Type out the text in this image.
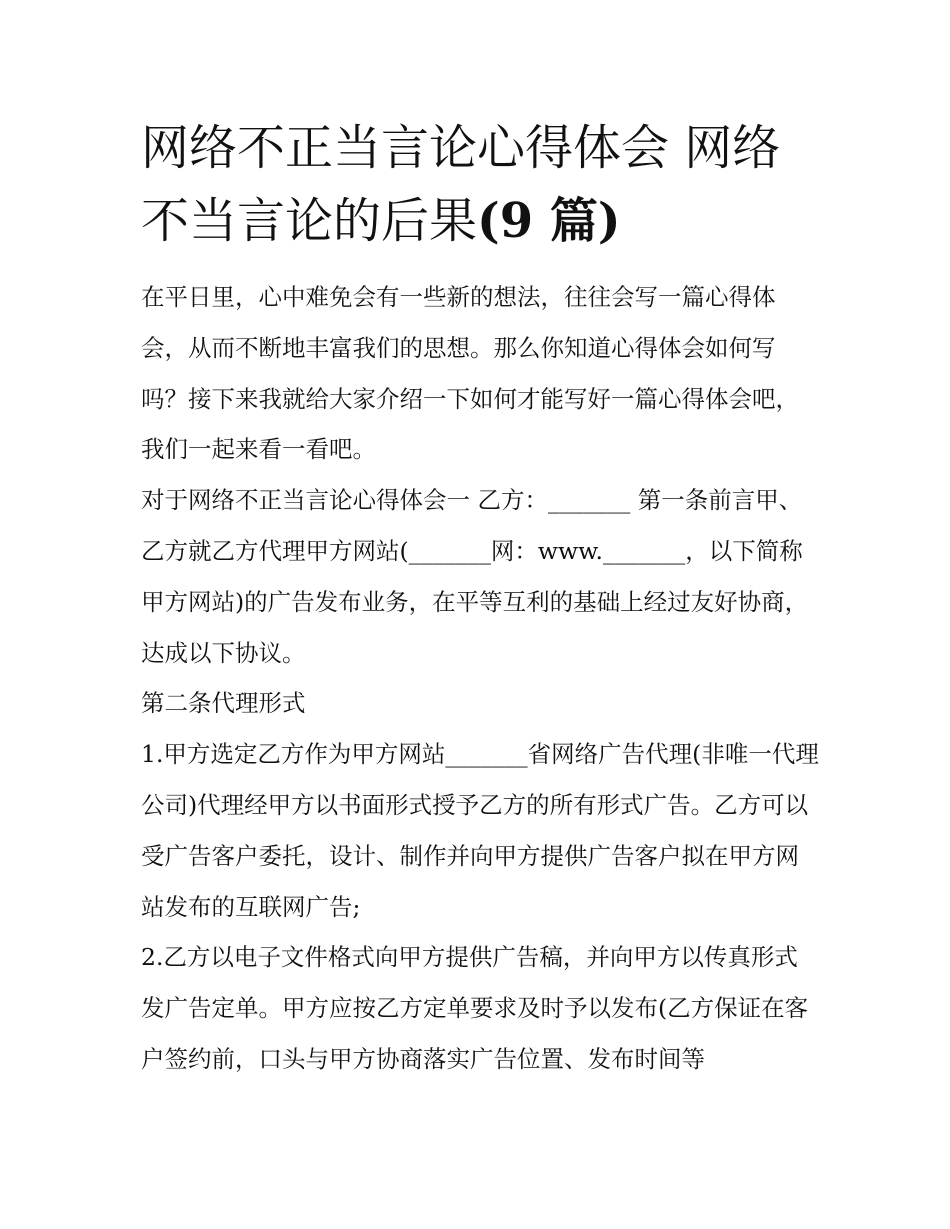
网络不正当言论心得体会 网络不当言论的后果(9 篇)

在平日里，心中难免会有一些新的想法，往往会写一篇心得体会，从而不断地丰富我们的思想。那么你知道心得体会如何写吗？接下来我就给大家介绍一下如何才能写好一篇心得体会吧，我们一起来看一看吧。

对于网络不正当言论心得体会一 乙方：_______ 第一条前言甲、乙方就乙方代理甲方网站(_______网：www._______，以下简称甲方网站)的广告发布业务，在平等互利的基础上经过友好协商，达成以下协议。

第二条代理形式

1.甲方选定乙方作为甲方网站_______省网络广告代理(非唯一代理公司)代理经甲方以书面形式授予乙方的所有形式广告。乙方可以受广告客户委托，设计、制作并向甲方提供广告客户拟在甲方网站发布的互联网广告;

2.乙方以电子文件格式向甲方提供广告稿，并向甲方以传真形式发广告定单。甲方应按乙方定单要求及时予以发布(乙方保证在客户签约前，口头与甲方协商落实广告位置、发布时间等
